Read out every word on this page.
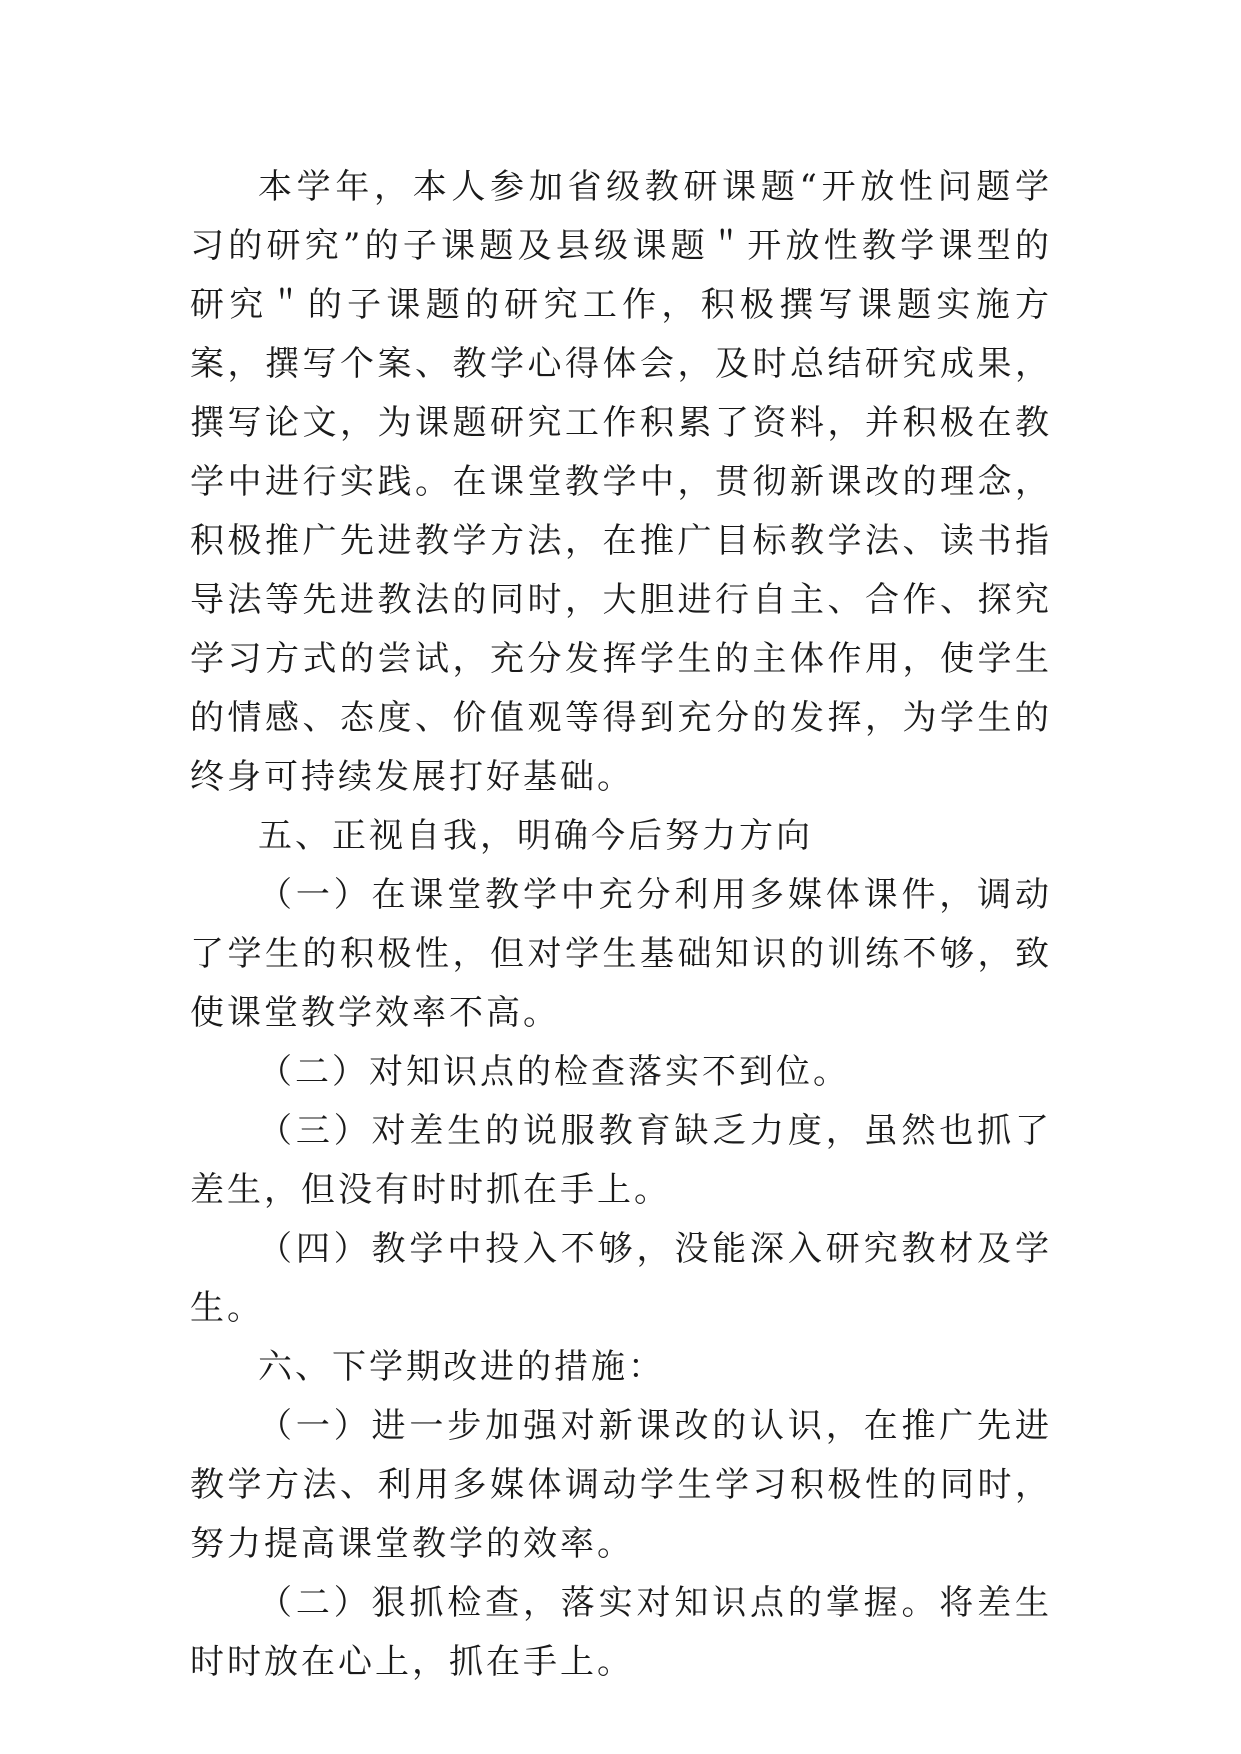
本学年，本人参加省级教研课题“开放性问题学习的研究”的子课题及县级课题＂开放性教学课型的研究＂的子课题的研究工作，积极撰写课题实施方案，撰写个案、教学心得体会，及时总结研究成果，撰写论文，为课题研究工作积累了资料，并积极在教学中进行实践。在课堂教学中，贯彻新课改的理念，积极推广先进教学方法，在推广目标教学法、读书指导法等先进教法的同时，大胆进行自主、合作、探究学习方式的尝试，充分发挥学生的主体作用，使学生的情感、态度、价值观等得到充分的发挥，为学生的终身可持续发展打好基础。

五、正视自我，明确今后努力方向

（一）在课堂教学中充分利用多媒体课件，调动了学生的积极性，但对学生基础知识的训练不够，致使课堂教学效率不高。

（二）对知识点的检查落实不到位。

（三）对差生的说服教育缺乏力度，虽然也抓了差生，但没有时时抓在手上。

（四）教学中投入不够，没能深入研究教材及学生。

六、下学期改进的措施：

（一）进一步加强对新课改的认识，在推广先进教学方法、利用多媒体调动学生学习积极性的同时，努力提高课堂教学的效率。

（二）狠抓检查，落实对知识点的掌握。将差生时时放在心上，抓在手上。
